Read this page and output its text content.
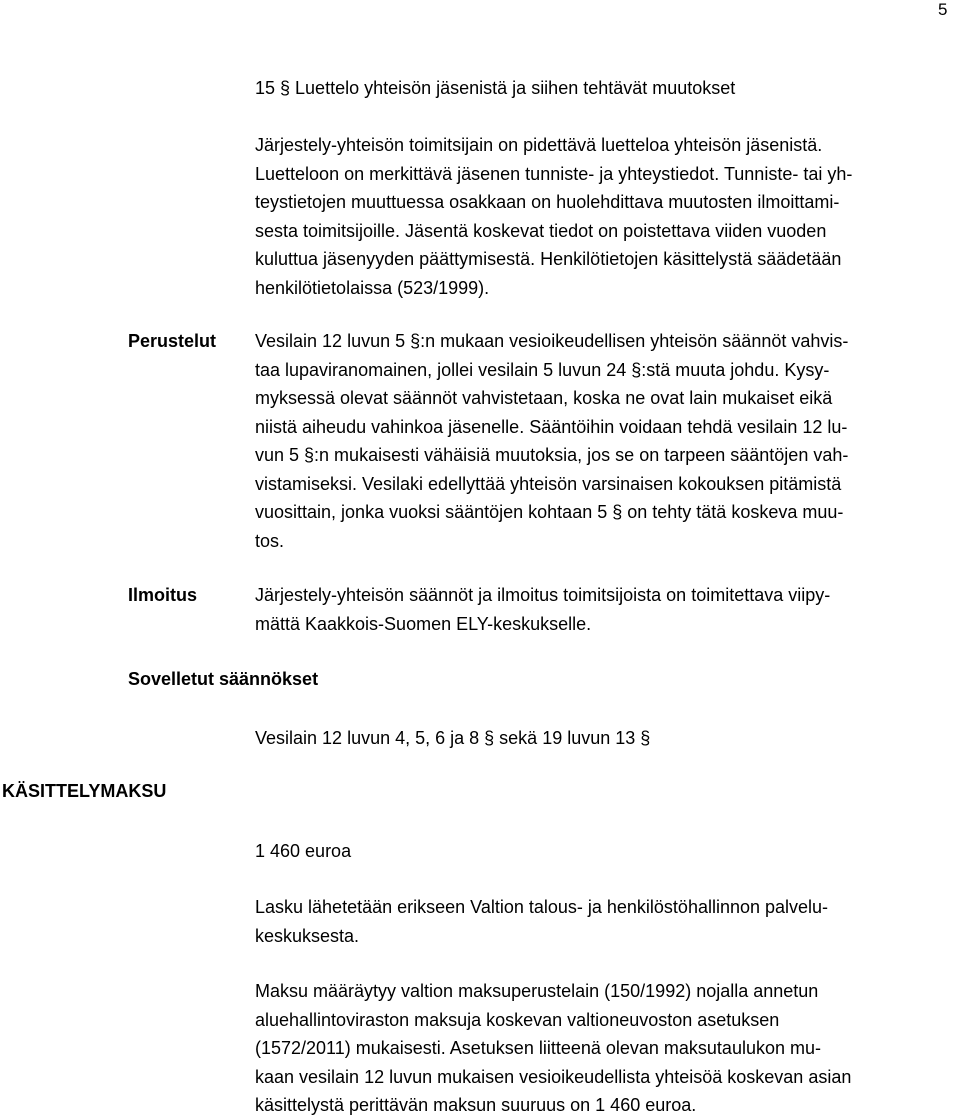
5
15 § Luettelo yhteisön jäsenistä ja siihen tehtävät muutokset
Järjestely-yhteisön toimitsijain on pidettävä luetteloa yhteisön jäsenistä.
Luetteloon on merkittävä jäsenen tunniste- ja yhteystiedot. Tunniste- tai yh-
teystietojen muuttuessa osakkaan on huolehdittava muutosten ilmoittami-
sesta toimitsijoille. Jäsentä koskevat tiedot on poistettava viiden vuoden
kuluttua jäsenyyden päättymisestä. Henkilötietojen käsittelystä säädetään
henkilötietolaissa (523/1999).
Perustelut Vesilain 12 luvun 5 §:n mukaan vesioikeudellisen yhteisön säännöt vahvis-
taa lupaviranomainen, jollei vesilain 5 luvun 24 §:stä muuta johdu. Kysy-
myksessä olevat säännöt vahvistetaan, koska ne ovat lain mukaiset eikä
niistä aiheudu vahinkoa jäsenelle. Sääntöihin voidaan tehdä vesilain 12 lu-
vun 5 §:n mukaisesti vähäisiä muutoksia, jos se on tarpeen sääntöjen vah-
vistamiseksi. Vesilaki edellyttää yhteisön varsinaisen kokouksen pitämistä
vuosittain, jonka vuoksi sääntöjen kohtaan 5 § on tehty tätä koskeva muu-
tos.
Ilmoitus	Järjestely-yhteisön säännöt ja ilmoitus toimitsijoista on toimitettava viipy-
mättä Kaakkois-Suomen ELY-keskukselle.
Sovelletut säännökset
Vesilain 12 luvun 4, 5, 6 ja 8 § sekä 19 luvun 13 §
KÄSITTELYMAKSU
1 460 euroa
Lasku lähetetään erikseen Valtion talous- ja henkilöstöhallinnon palvelu-
keskuksesta.
Maksu määräytyy valtion maksuperustelain (150/1992) nojalla annetun
aluehallintoviraston maksuja koskevan valtioneuvoston asetuksen
(1572/2011) mukaisesti. Asetuksen liitteenä olevan maksutaulukon mu-
kaan vesilain 12 luvun mukaisen vesioikeudellista yhteisöä koskevan asian
käsittelystä perittävän maksun suuruus on 1 460 euroa.
